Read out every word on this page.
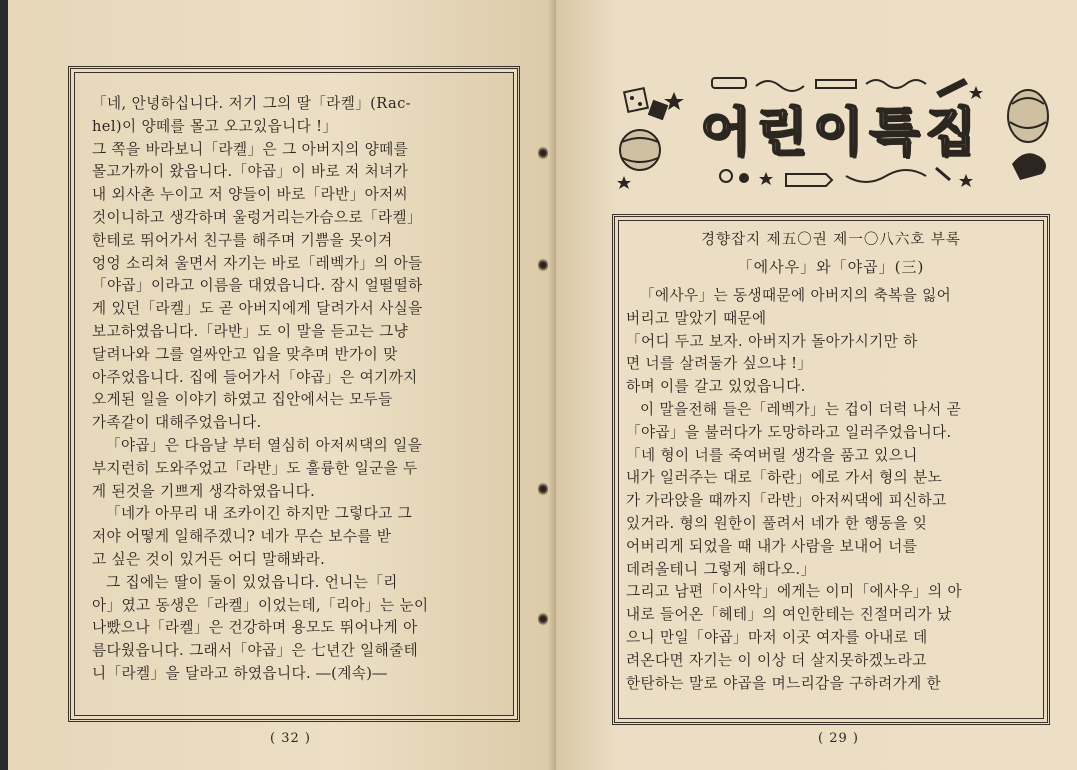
「네, 안녕하십니다. 저기 그의 딸「라켈」(Rac-
hel)이 양떼를 몰고 오고있읍니다 !」
그 쪽을 바라보니「라켈」은 그 아버지의 양떼를
몰고가까이 왔읍니다.「야곱」이 바로 저 처녀가
내 외사촌 누이고 저 양들이 바로「라반」아저씨
것이니하고 생각하며 울렁거리는가슴으로「라켈」
한테로 뛰어가서 친구를 해주며 기쁨을 못이겨
엉엉 소리쳐 울면서 자기는 바로「레벡가」의 아들
「야곱」이라고 이름을 대였읍니다. 잠시 얼떨떨하
게 있던「라켈」도 곧 아버지에게 달려가서 사실을
보고하였읍니다.「라반」도 이 말을 듣고는 그냥
달려나와 그를 얼싸안고 입을 맞추며 반가이 맞
아주었읍니다. 집에 들어가서「야곱」은 여기까지
오게된 일을 이야기 하였고 집안에서는 모두들
가족같이 대해주었읍니다.
「야곱」은 다음날 부터 열심히 아저씨댁의 일을
부지런히 도와주었고「라반」도 훌륭한 일군을 두
게 된것을 기쁘게 생각하였읍니다.
「네가 아무리 내 조카이긴 하지만 그렇다고 그
저야 어떻게 일해주겠니? 네가 무슨 보수를 받
고 싶은 것이 있거든 어디 말해봐라.
그 집에는 딸이 둘이 있었읍니다. 언니는「리
아」였고 동생은「라켈」이었는데,「리아」는 눈이
나빴으나「라켈」은 건강하며 용모도 뛰어나게 아
름다웠읍니다. 그래서「야곱」은 七년간 일해줄테
니「라켈」을 달라고 하였읍니다. ―(계속)―
( 32 )
어린이특집
경향잡지 제五〇권 제一〇八六호 부록
「에사우」와「야곱」(三)
「에사우」는 동생때문에 아버지의 축복을 잃어
버리고 말았기 때문에
「어디 두고 보자. 아버지가 돌아가시기만 하
면 너를 살려둘가 싶으냐 !」
하며 이를 갈고 있었읍니다.
이 말을전해 들은「레벡가」는 겁이 더럭 나서 곧
「야곱」을 불러다가 도망하라고 일러주었읍니다.
「네 형이 너를 죽여버릴 생각을 품고 있으니
내가 일러주는 대로「하란」에로 가서 형의 분노
가 가라앉을 때까지「라반」아저씨댁에 피신하고
있거라. 형의 원한이 풀려서 네가 한 행동을 잊
어버리게 되었을 때 내가 사람을 보내어 너를
데려올테니 그렇게 해다오.」
그리고 남편「이사악」에게는 이미「에사우」의 아
내로 들어온「헤테」의 여인한테는 진절머리가 났
으니 만일「야곱」마저 이곳 여자를 아내로 데
려온다면 자기는 이 이상 더 살지못하겠노라고
한탄하는 말로 야곱을 며느리감을 구하려가게 한
( 29 )
